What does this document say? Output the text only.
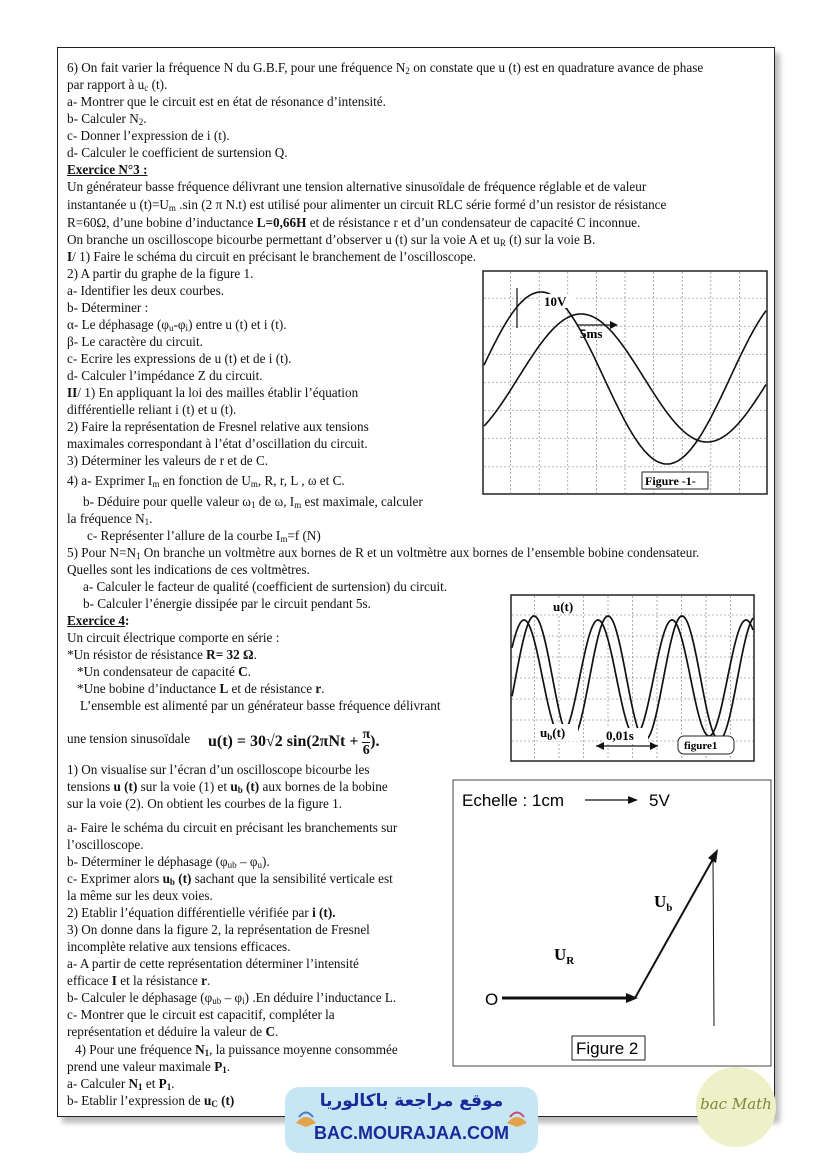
6) On fait varier la fréquence N du G.B.F, pour une fréquence $N_2$ on constate que u (t) est en quadrature avance de phase
par rapport à $u_c$ (t).
a- Montrer que le circuit est en état de résonance d’intensité.
b- Calculer $N_2$.
c- Donner l’expression de i (t).
d- Calculer le coefficient de surtension Q.
Exercice N°3 :
Un générateur basse fréquence délivrant une tension alternative sinusoïdale de fréquence réglable et de valeur
instantanée u $(t)=U_m$ .sin (2 π N.t) est utilisé pour alimenter un circuit RLC série formé d’un resistor de résistance
R=60Ω, d’une bobine d’inductance L=0,66H et de résistance r et d’un condensateur de capacité C inconnue.
On branche un oscilloscope bicourbe permettant d’observer u (t) sur la voie A et $u_R$ (t) sur la voie B.
I/ 1) Faire le schéma du circuit en précisant le branchement de l’oscilloscope.
2) A partir du graphe de la figure 1.
a- Identifier les deux courbes.
b- Déterminer :
α- Le déphasage $(\varphi_u-\varphi_i)$ entre u (t) et i (t).
β- Le caractère du circuit.
c- Ecrire les expressions de u (t) et de i (t).
d- Calculer l’impédance Z du circuit.
II/ 1) En appliquant la loi des mailles établir l’équation
différentielle reliant i (t) et u (t).
2) Faire la représentation de Fresnel relative aux tensions
maximales correspondant à l’état d’oscillation du circuit.
3) Déterminer les valeurs de r et de C.
4) a- Exprimer $I_m$ en fonction de $U_m$, R, r, L , ω et C.
b- Déduire pour quelle valeur $\omega_1$ de ω, $I_m$ est maximale, calculer
la fréquence $N_1$.
c- Représenter l’allure de la courbe $I_m=f$ (N)
5) Pour $N=N_1$ On branche un voltmètre aux bornes de R et un voltmètre aux bornes de l’ensemble bobine condensateur.
Quelles sont les indications de ces voltmètres.
a- Calculer le facteur de qualité (coefficient de surtension) du circuit.
b- Calculer l’énergie dissipée par le circuit pendant 5s.
Exercice 4:
Un circuit électrique comporte en série :
*Un résistor de résistance R= 32 Ω.
*Un condensateur de capacité C.
*Une bobine d’inductance L et de résistance r.
L’ensemble est alimenté par un générateur basse fréquence délivrant
une tension sinusoïdale u(t) = 30√2 $\sin(2\pi Nt + \frac{\pi}{6}$ ).
1) On visualise sur l’écran d’un oscilloscope bicourbe les
tensions u (t) sur la voie (1) et $u_b$ (t) aux bornes de la bobine
sur la voie (2). On obtient les courbes de la figure 1.
a- Faire le schéma du circuit en précisant les branchements sur
l’oscilloscope.
b- Déterminer le déphasage $(\varphi_{ub} - \varphi_u)$.
c- Exprimer alors $u_b$ (t) sachant que la sensibilité verticale est
la même sur les deux voies.
2) Etablir l’équation différentielle vérifiée par i (t).
3) On donne dans la figure 2, la représentation de Fresnel
incomplète relative aux tensions efficaces.
a- A partir de cette représentation déterminer l’intensité
efficace I et la résistance r.
b- Calculer le déphasage $(\varphi_{ub} - \varphi_i)$ .En déduire l’inductance L.
c- Montrer que le circuit est capacitif, compléter la
représentation et déduire la valeur de C.
4) Pour une fréquence $N_1$, la puissance moyenne consommée
prend une valeur maximale $P_1$.
a- Calculer $N_1$ et $P_1$.
b- Etablir l’expression de $u_C$ (t)
10V
5ms
Figure -1-
u(t)
$u_b(t)$	0,01s
figure1
Echelle : 1cm	5V
O
$U_R$
$U_b$
Figure 2
موقع مراجعة باكالوريا
BAC.MOURAJAA.COM
bac Math
